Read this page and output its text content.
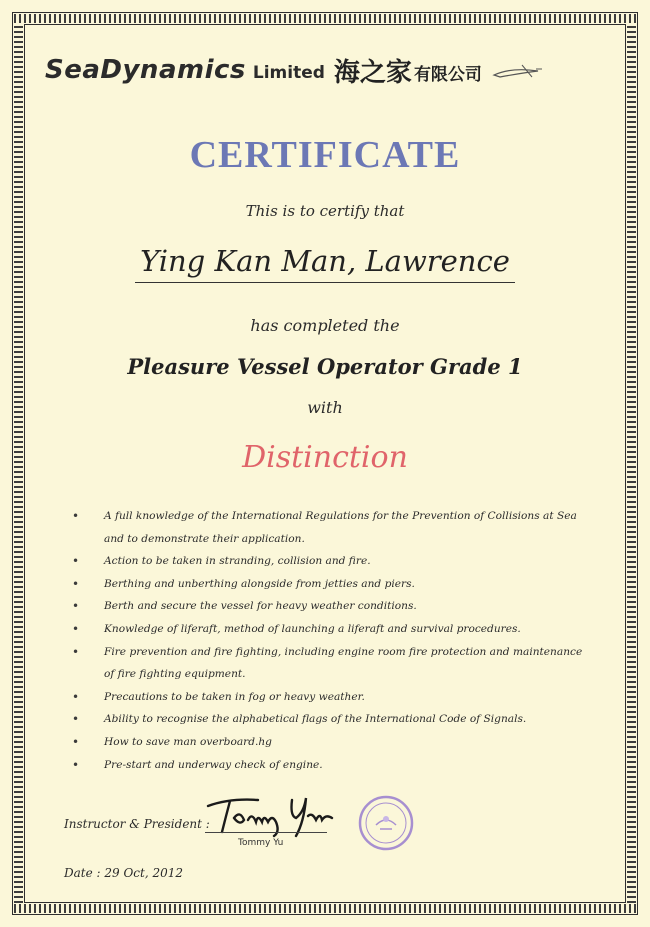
SeaDynamics Limited 海之家 有限公司
CERTIFICATE
This is to certify that
Ying Kan Man, Lawrence
has completed the
Pleasure Vessel Operator Grade 1
with
Distinction
• A full knowledge of the International Regulations for the Prevention of Collisions at Sea and to demonstrate their application.
• Action to be taken in stranding, collision and fire.
• Berthing and unberthing alongside from jetties and piers.
• Berth and secure the vessel for heavy weather conditions.
• Knowledge of liferaft, method of launching a liferaft and survival procedures.
• Fire prevention and fire fighting, including engine room fire protection and maintenance of fire fighting equipment.
• Precautions to be taken in fog or heavy weather.
• Ability to recognise the alphabetical flags of the International Code of Signals.
• How to save man overboard.hg
• Pre-start and underway check of engine.
Instructor & President :
Tommy Yu
Date : 29 Oct, 2012
